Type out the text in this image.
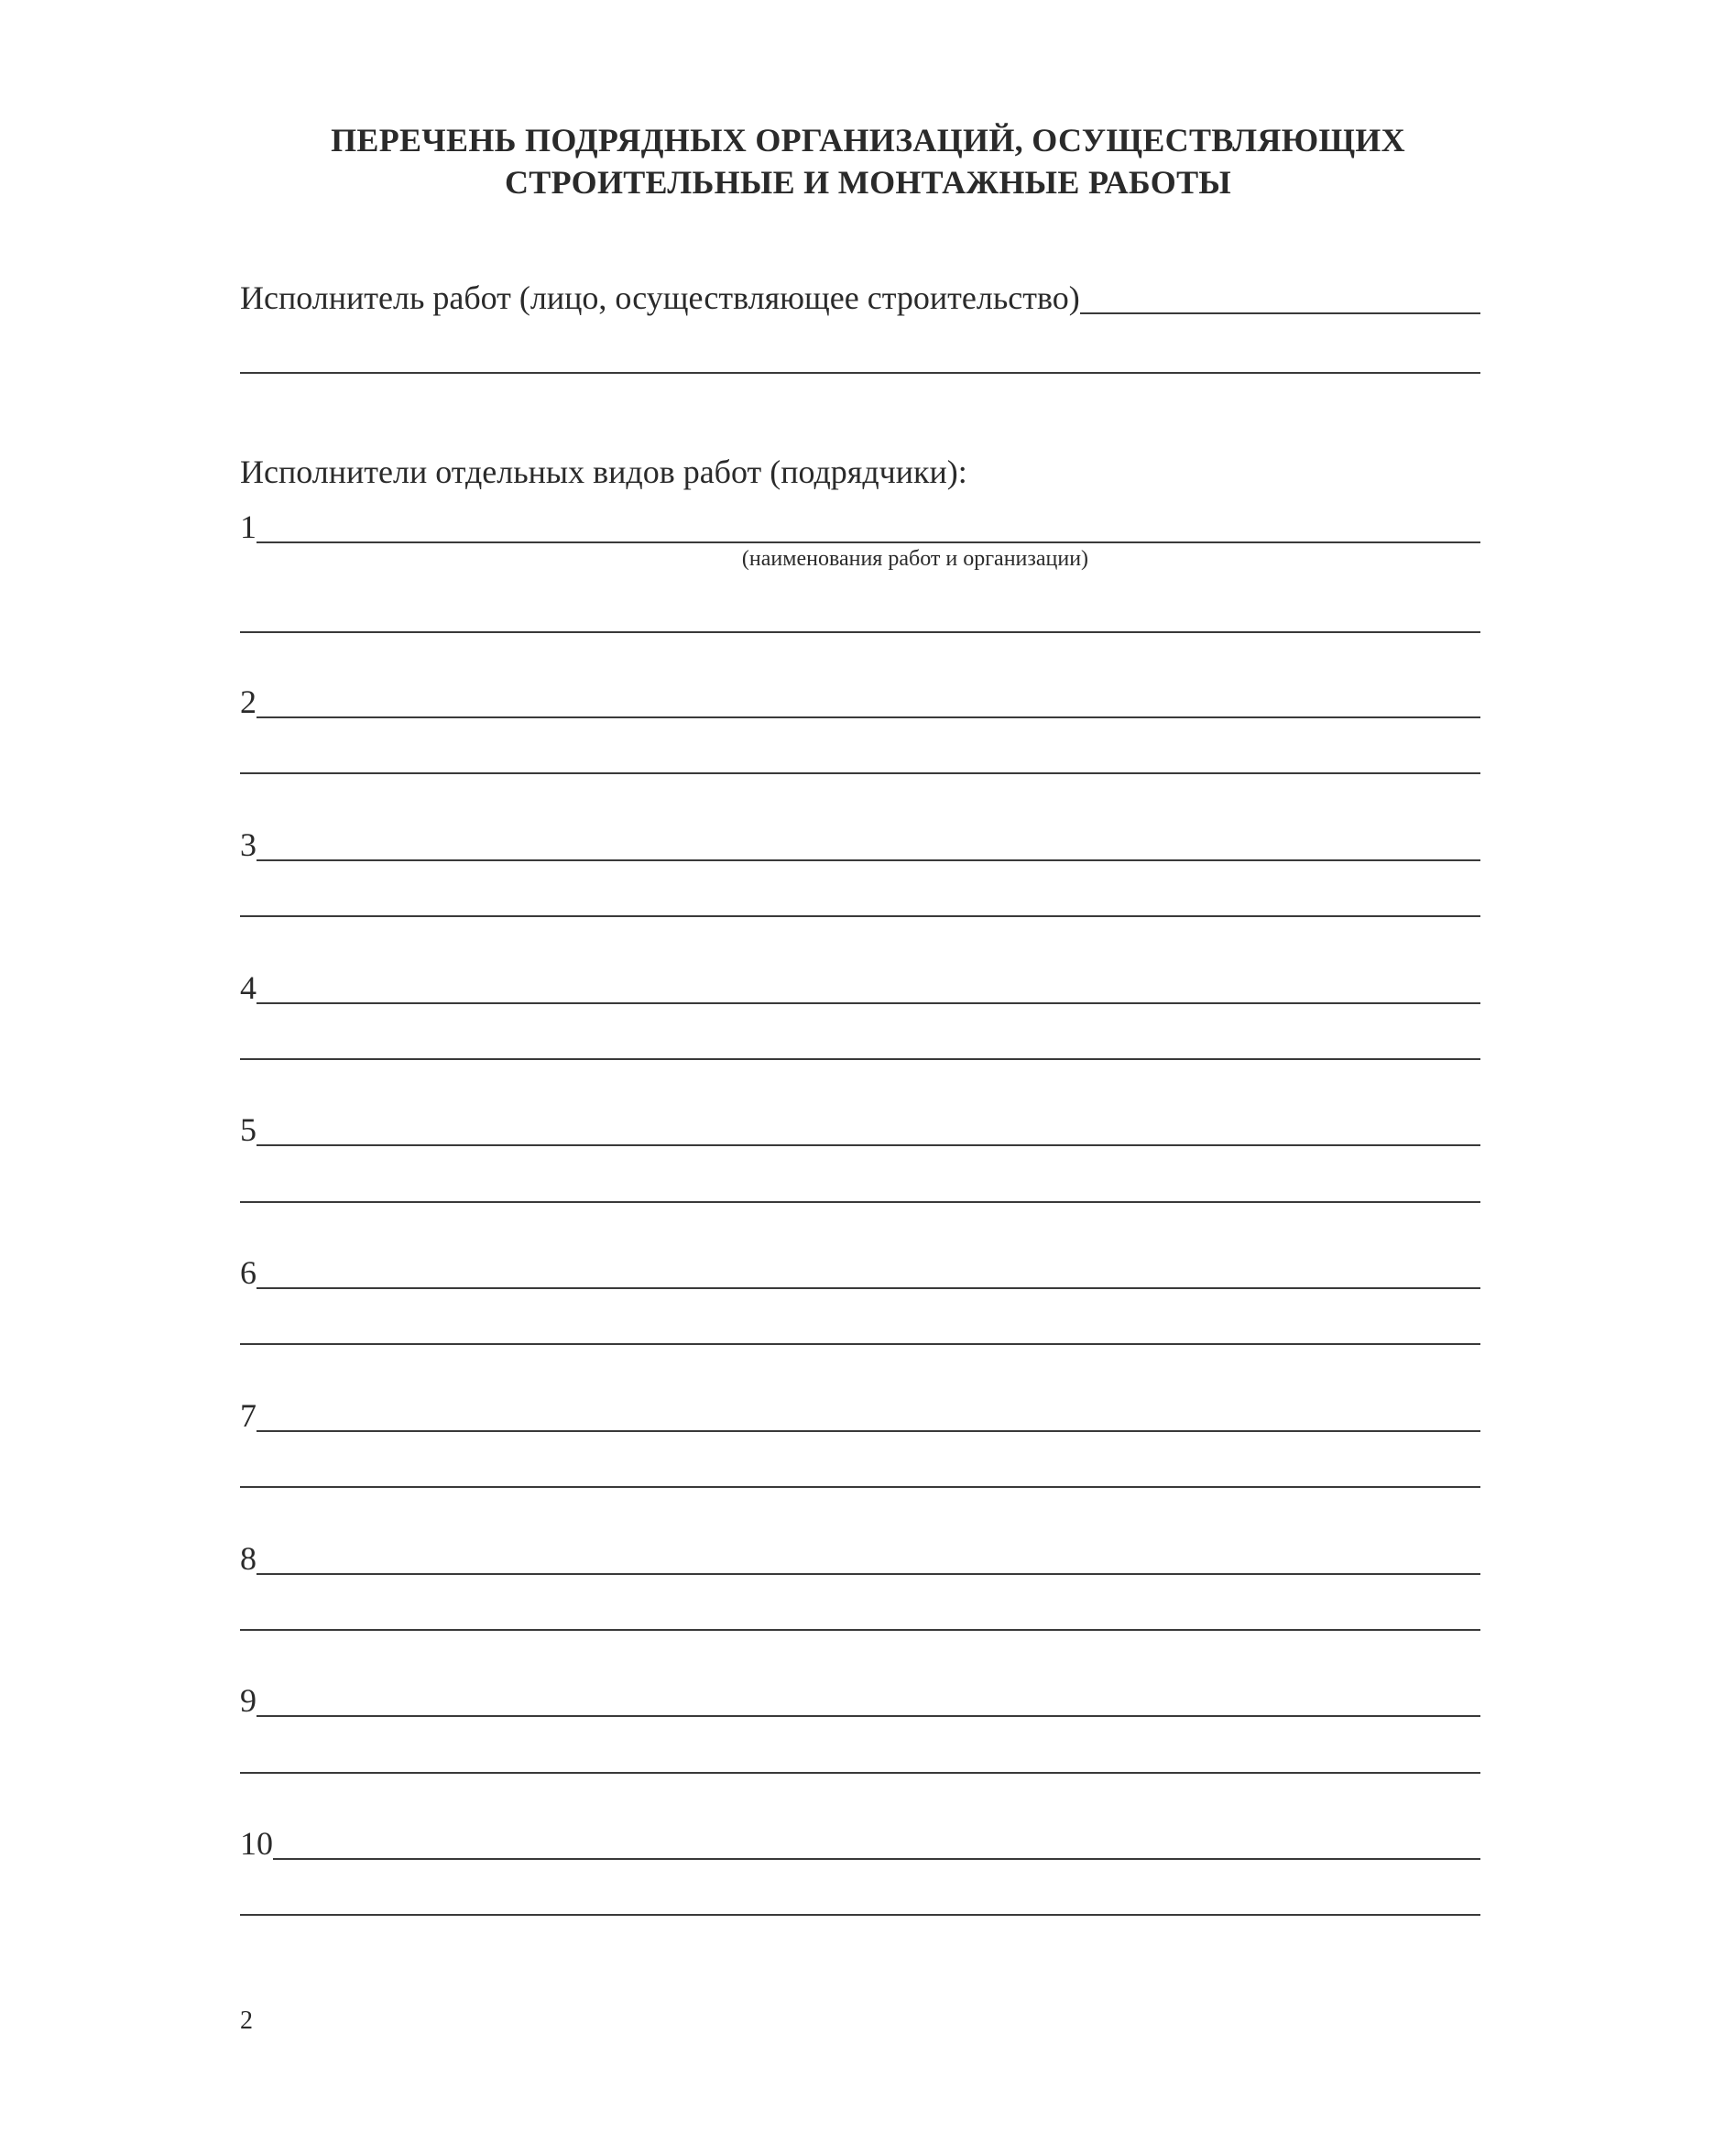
ПЕРЕЧЕНЬ ПОДРЯДНЫХ ОРГАНИЗАЦИЙ, ОСУЩЕСТВЛЯЮЩИХ
СТРОИТЕЛЬНЫЕ И МОНТАЖНЫЕ РАБОТЫ
Исполнитель работ (лицо, осуществляющее строительство)
Исполнители отдельных видов работ (подрядчики):
1
(наименования работ и организации)
2
3
4
5
6
7
8
9
10
2
